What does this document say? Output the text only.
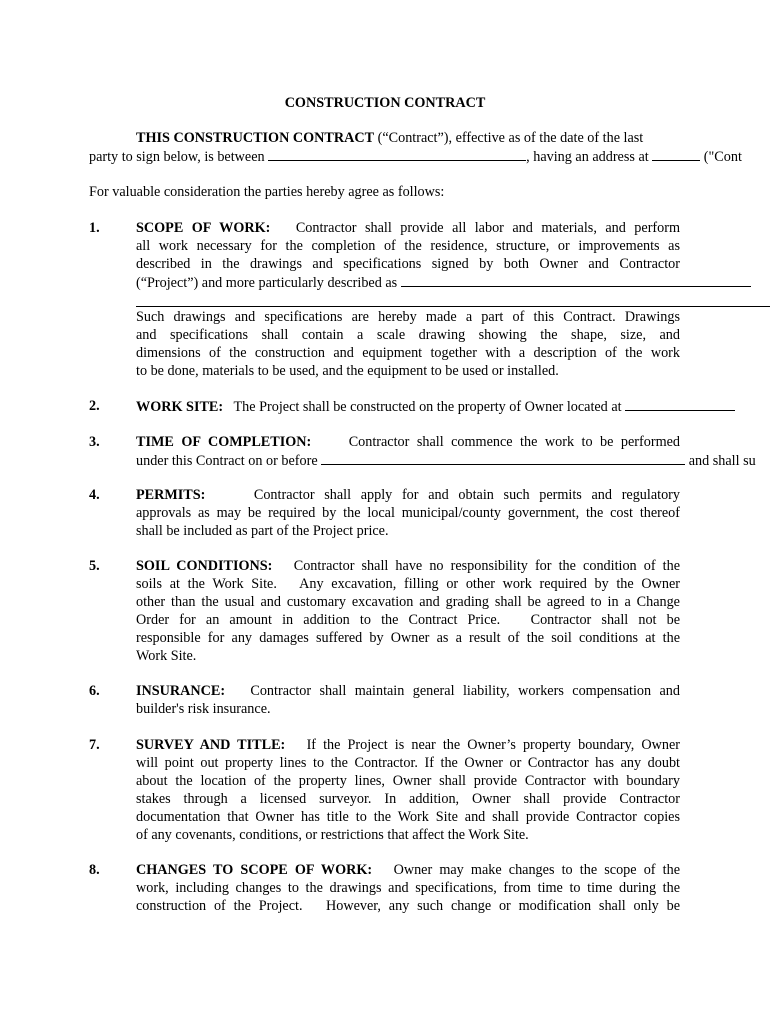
CONSTRUCTION CONTRACT
THIS CONSTRUCTION CONTRACT (“Contract”), effective as of the date of the last
party to sign below, is between	, having an address at	("Cont
For valuable consideration the parties hereby agree as follows:
1.	SCOPE OF WORK: Contractor shall provide all labor and materials, and perform
all work necessary for the completion of the residence, structure, or improvements as
described in the drawings and specifications signed by both Owner and Contractor
(“Project”) and more particularly described as
Such drawings and specifications are hereby made a part of this Contract. Drawings
and specifications shall contain a scale drawing showing the shape, size, and
dimensions of the construction and equipment together with a description of the work
to be done, materials to be used, and the equipment to be used or installed.
2.	WORK SITE: The Project shall be constructed on the property of Owner located at
3.	TIME OF COMPLETION:	Contractor shall commence the work to be performed
under this Contract on or before	and shall su
4.	PERMITS:	Contractor shall apply for and obtain such permits and regulatory
approvals as may be required by the local municipal/county government, the cost thereof
shall be included as part of the Project price.
5.	SOIL CONDITIONS: Contractor shall have no responsibility for the condition of the
soils at the Work Site.   Any excavation, filling or other work required by the Owner
other than the usual and customary excavation and grading shall be agreed to in a Change
Order for an amount in addition to the Contract Price.   Contractor shall not be
responsible for any damages suffered by Owner as a result of the soil conditions at the
Work Site.
6.	INSURANCE: Contractor shall maintain general liability, workers compensation and
builder's risk insurance.
7.	SURVEY AND TITLE: If the Project is near the Owner’s property boundary, Owner
will point out property lines to the Contractor. If the Owner or Contractor has any doubt
about the location of the property lines, Owner shall provide Contractor with boundary
stakes through a licensed surveyor. In addition, Owner shall provide Contractor
documentation that Owner has title to the Work Site and shall provide Contractor copies
of any covenants, conditions, or restrictions that affect the Work Site.
8.	CHANGES TO SCOPE OF WORK: Owner may make changes to the scope of the
work, including changes to the drawings and specifications, from time to time during the
construction of the Project.   However, any such change or modification shall only be
